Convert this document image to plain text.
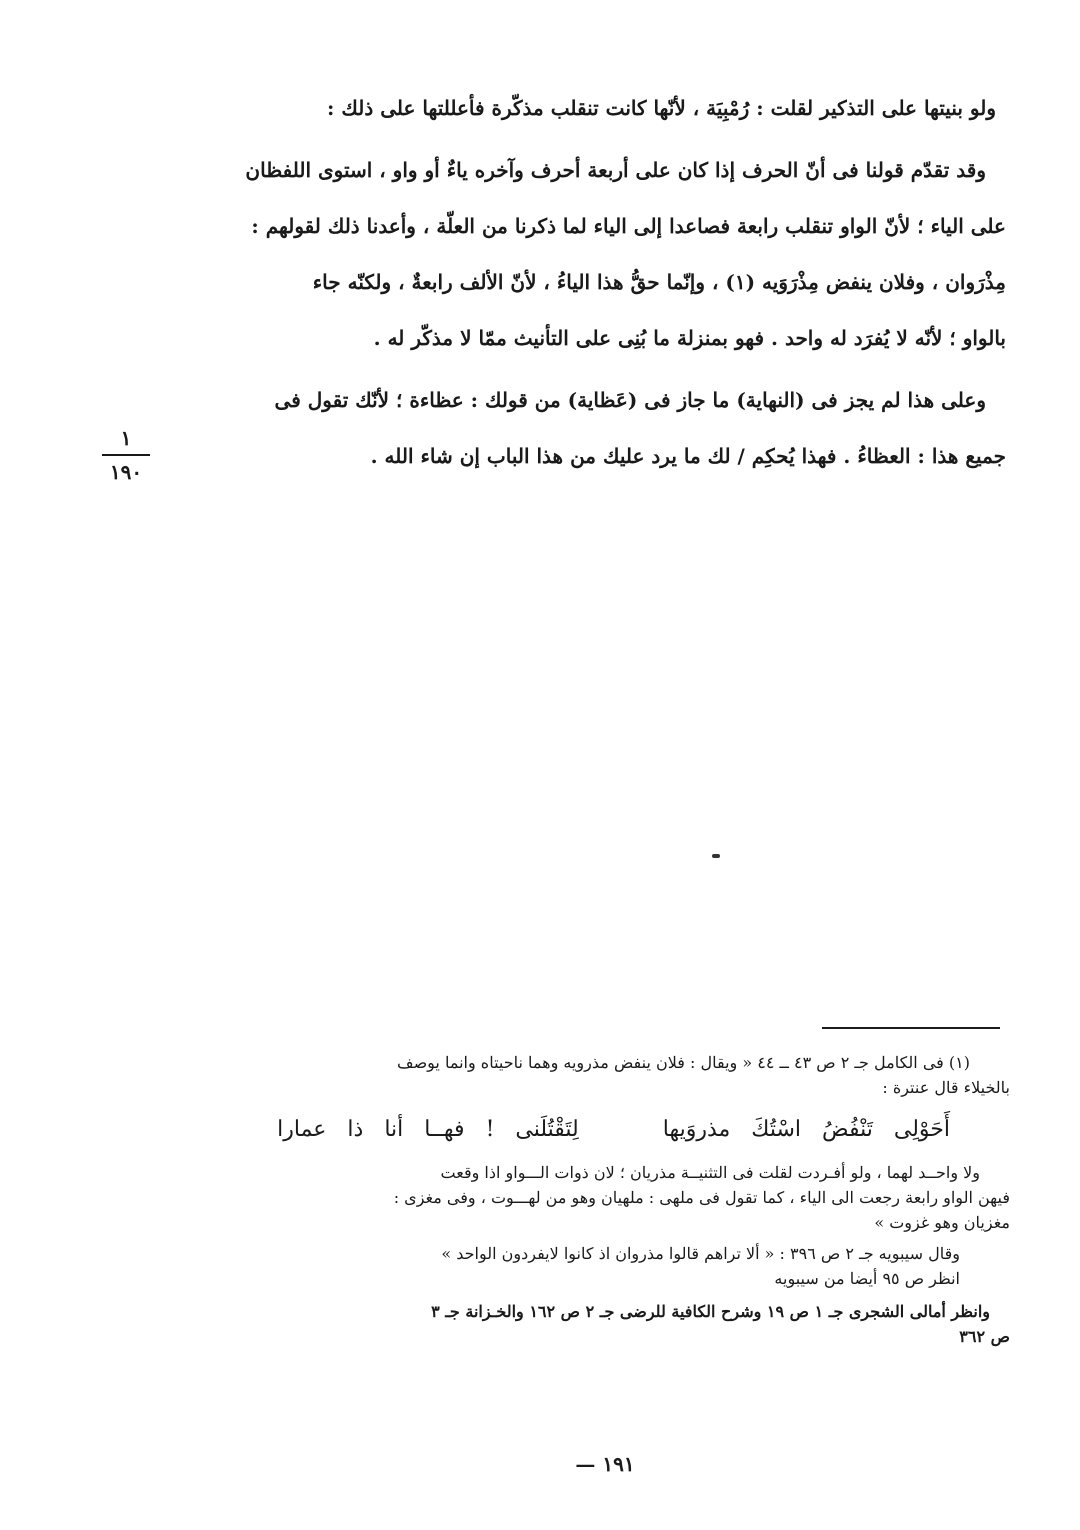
ولو بنيتها على التذكير لقلت : رُمْبِيَة ، لأنّها كانت تنقلب مذكّرة فأعللتها على ذلك :

وقد تقدّم قولنا فى أنّ الحرف إذا كان على أربعة أحرف وآخره ياءٌ أو واو ، استوى اللفظان

على الياء ؛ لأنّ الواو تنقلب رابعة فصاعدا إلى الياء لما ذكرنا من العلّة ، وأعدنا ذلك لقولهم :

مِذْرَوان ، وفلان ينفض مِذْرَوَيه (١) ، وإنّما حقُّ هذا الياءُ ، لأنّ الألف رابعةٌ ، ولكنّه جاء

بالواو ؛ لأنّه لا يُفرَد له واحد . فهو بمنزلة ما بُنِى على التأنيث ممّا لا مذكّر له .

وعلى هذا لم يجز فى (النهاية) ما جاز فى (عَظاية) من قولك : عظاءة ؛ لأنّك تقول فى

جميع هذا : العظاءُ . فهذا يُحكِم / لك ما يرد عليك من هذا الباب إن شاء الله .

١
١٩٠

(١) فى الكامل جـ ٢ ص ٤٣ ــ ٤٤ « ويقال : فلان ينفض مذرويه وهما ناحيتاه وانما يوصف

بالخيلاء قال عنترة :

أَحَوْلِى تَنْفُضُ اسْتُكَ مذروَيها    لِتَقْتُلَنى ! فهــا أنا ذا عمارا

ولا واحــد لهما ، ولو أفـردت لقلت فى التثنيــة مذريان ؛ لان ذوات الـــواو اذا وقعت

فيهن الواو رابعة رجعت الى الياء ، كما تقول فى ملهى : ملهيان وهو من لهـــوت ، وفى مغزى :

مغزيان وهو غزوت »

وقال سيبويه جـ ٢ ص ٣٩٦ : « ألا تراهم قالوا مذروان اذ كانوا لايفردون الواحد »

انظر ص ٩٥ أيضا من سيبويه

وانظر أمالى الشجرى جـ ١ ص ١٩ وشرح الكافية للرضى جـ ٢ ص ١٦٢ والخـزانة جـ ٣

ص ٣٦٢

١٩١ —
